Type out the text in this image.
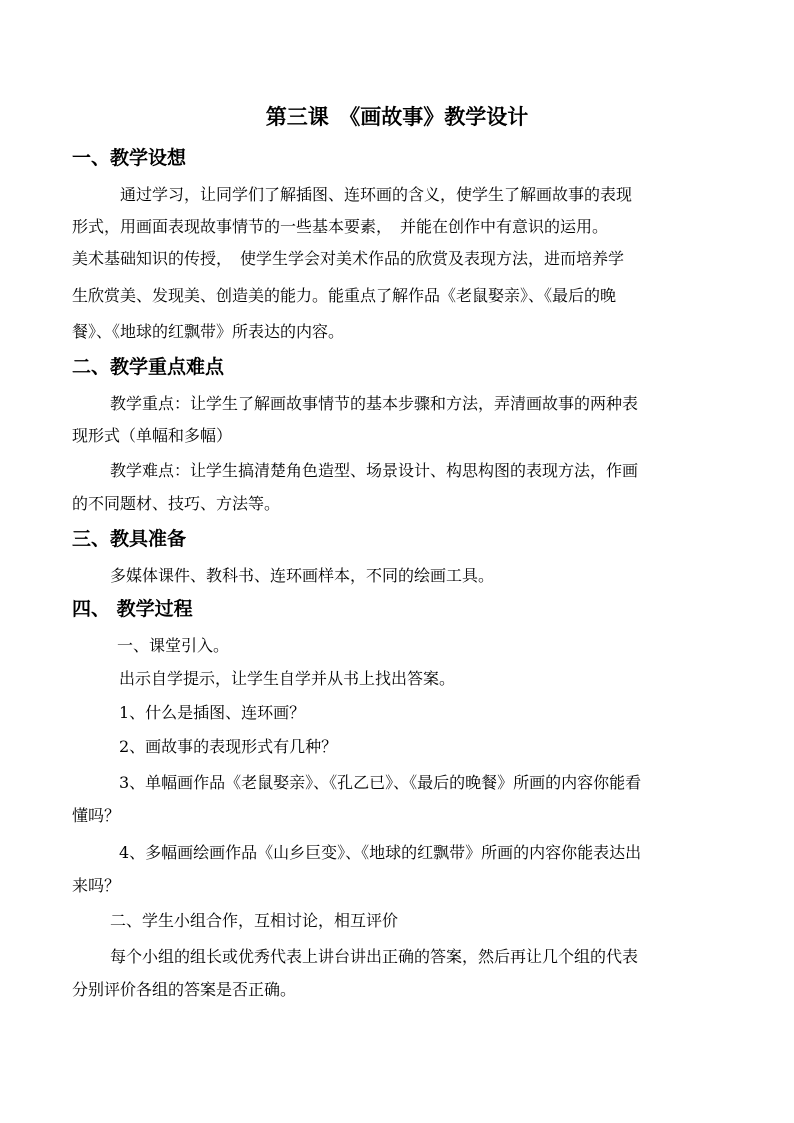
第三课　《画故事》教学设计
一、教学设想
通过学习，让同学们了解插图、连环画的含义，使学生了解画故事的表现
形式，用画面表现故事情节的一些基本要素，　并能在创作中有意识的运用。
美术基础知识的传授，　使学生学会对美术作品的欣赏及表现方法，进而培养学
生欣赏美、发现美、创造美的能力。能重点了解作品《老鼠娶亲》、《最后的晚
餐》、《地球的红飘带》所表达的内容。
二、教学重点难点
教学重点：让学生了解画故事情节的基本步骤和方法，弄清画故事的两种表
现形式（单幅和多幅）
教学难点：让学生搞清楚角色造型、场景设计、构思构图的表现方法，作画
的不同题材、技巧、方法等。
三、教具准备
多媒体课件、教科书、连环画样本，不同的绘画工具。
四、 教学过程
一、课堂引入。
出示自学提示，让学生自学并从书上找出答案。
1、什么是插图、连环画？
2、画故事的表现形式有几种？
3、单幅画作品《老鼠娶亲》、《孔乙已》、《最后的晚餐》所画的内容你能看
懂吗？
4、多幅画绘画作品《山乡巨变》、《地球的红飘带》所画的内容你能表达出
来吗？
二、学生小组合作，互相讨论，相互评价
每个小组的组长或优秀代表上讲台讲出正确的答案，然后再让几个组的代表
分别评价各组的答案是否正确。
